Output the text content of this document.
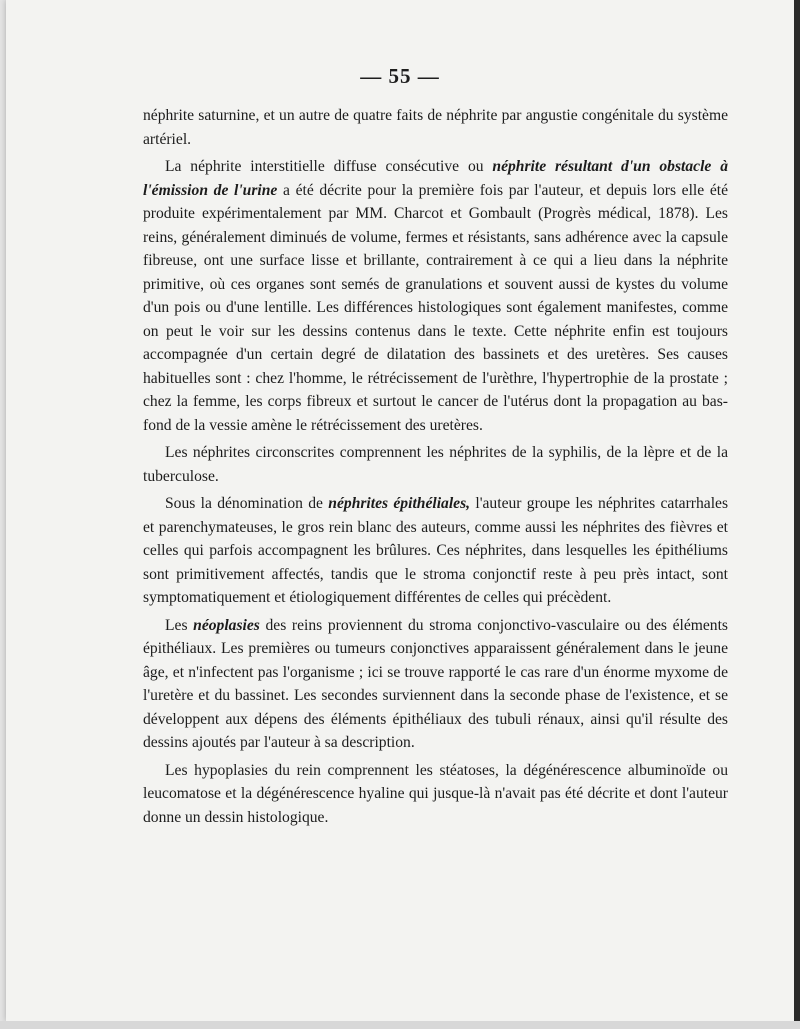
— 55 —

néphrite saturnine, et un autre de quatre faits de néphrite par angustie congénitale du système artériel.

La néphrite interstitielle diffuse consécutive ou néphrite résultant d'un obstacle à l'émission de l'urine a été décrite pour la première fois par l'auteur, et depuis lors elle été produite expérimentalement par MM. Charcot et Gombault (Progrès médical, 1878). Les reins, généralement diminués de volume, fermes et résistants, sans adhérence avec la capsule fibreuse, ont une surface lisse et brillante, contrairement à ce qui a lieu dans la néphrite primitive, où ces organes sont semés de granulations et souvent aussi de kystes du volume d'un pois ou d'une lentille. Les différences histologiques sont également manifestes, comme on peut le voir sur les dessins contenus dans le texte. Cette néphrite enfin est toujours accompagnée d'un certain degré de dilatation des bassinets et des uretères. Ses causes habituelles sont : chez l'homme, le rétrécissement de l'urèthre, l'hypertrophie de la prostate ; chez la femme, les corps fibreux et surtout le cancer de l'utérus dont la propagation au bas-fond de la vessie amène le rétrécissement des uretères.

Les néphrites circonscrites comprennent les néphrites de la syphilis, de la lèpre et de la tuberculose.

Sous la dénomination de néphrites épithéliales, l'auteur groupe les néphrites catarrhales et parenchymateuses, le gros rein blanc des auteurs, comme aussi les néphrites des fièvres et celles qui parfois accompagnent les brûlures. Ces néphrites, dans lesquelles les épithéliums sont primitivement affectés, tandis que le stroma conjonctif reste à peu près intact, sont symptomatiquement et étiologiquement différentes de celles qui précèdent.

Les néoplasies des reins proviennent du stroma conjonctivo-vasculaire ou des éléments épithéliaux. Les premières ou tumeurs conjonctives apparaissent généralement dans le jeune âge, et n'infectent pas l'organisme ; ici se trouve rapporté le cas rare d'un énorme myxome de l'uretère et du bassinet. Les secondes surviennent dans la seconde phase de l'existence, et se développent aux dépens des éléments épithéliaux des tubuli rénaux, ainsi qu'il résulte des dessins ajoutés par l'auteur à sa description.

Les hypoplasies du rein comprennent les stéatoses, la dégénérescence albuminoïde ou leucomatose et la dégénérescence hyaline qui jusque-là n'avait pas été décrite et dont l'auteur donne un dessin histologique.
